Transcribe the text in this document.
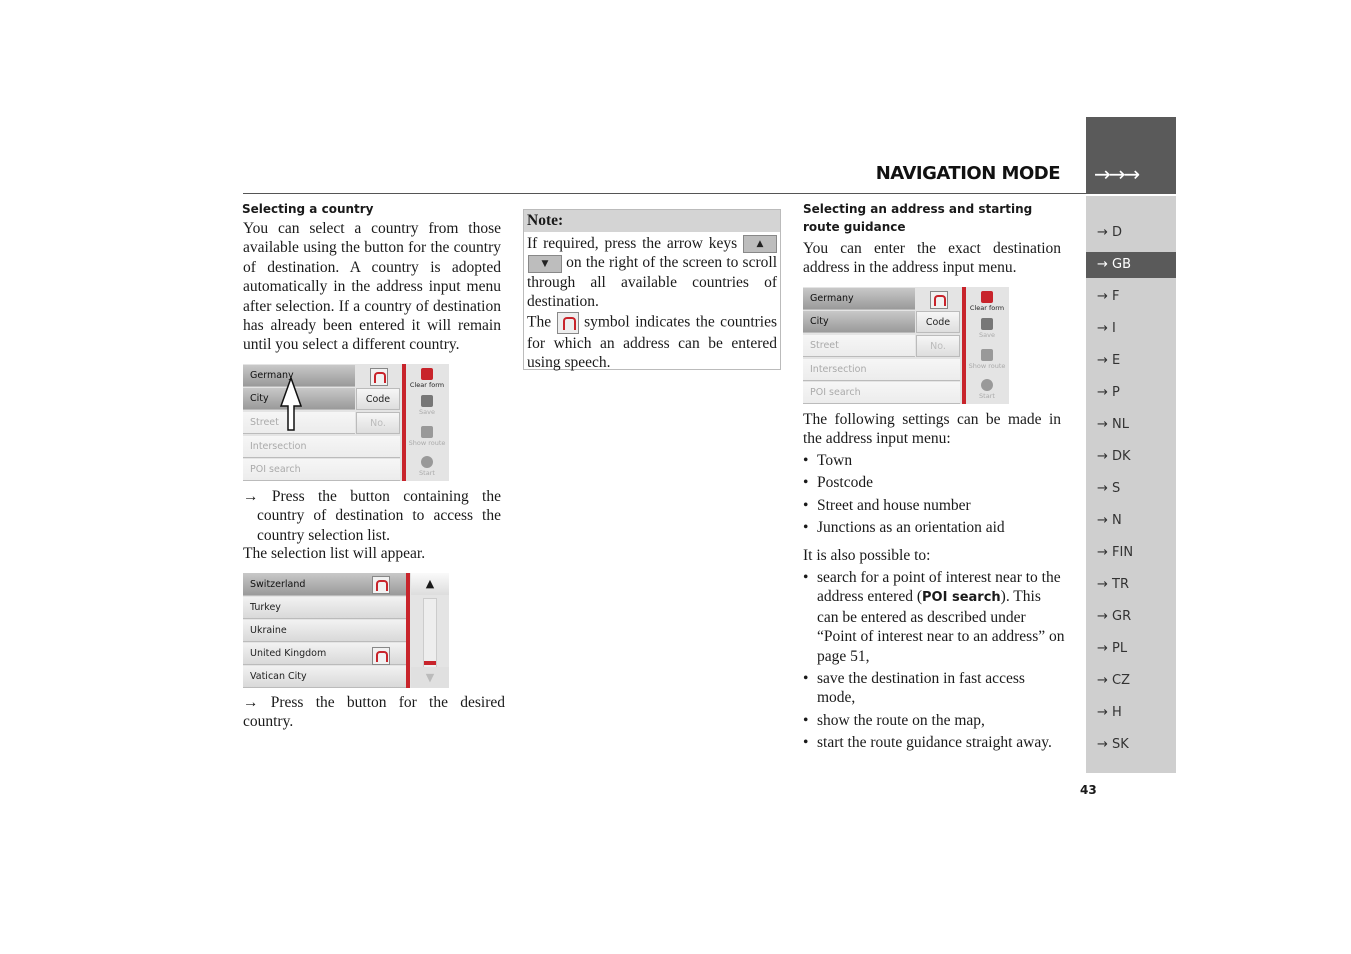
NAVIGATION MODE →→→
→ D
→ GB
→ F
→ I
→ E
→ P
→ NL
→ DK
→ S
→ N
→ FIN
→ TR
→ GR
→ PL
→ CZ
→ H
→ SK
43
Selecting a country
You can select a country from those available using the button for the country of destination. A country is adopted automatically in the address input menu after selection. If a country of destination has already been entered it will remain until you select a different country.
Germany
City	Code
Street	No.
Intersection
POI search
Clear form
Save
Show route
Start
→ Press the button containing the country of destination to access the country selection list.
The selection list will appear.
Switzerland
Turkey
Ukraine
United Kingdom
Vatican City
▲
▼
→ Press the button for the desired country.
Note:
If required, press the arrow keys ▲▼ on the right of the screen to scroll through all available countries of destination.
The symbol indicates the countries for which an address can be entered using speech.
Selecting an address and starting route guidance
You can enter the exact destination address in the address input menu.
Germany
City	Code
Street	No.
Intersection
POI search
Clear form
Save
Show route
Start
The following settings can be made in the address input menu:
• Town
• Postcode
• Street and house number
• Junctions as an orientation aid
It is also possible to:
• search for a point of interest near to the address entered (POI search). This can be entered as described under “Point of interest near to an address” on page 51,
• save the destination in fast access mode,
• show the route on the map,
• start the route guidance straight away.
